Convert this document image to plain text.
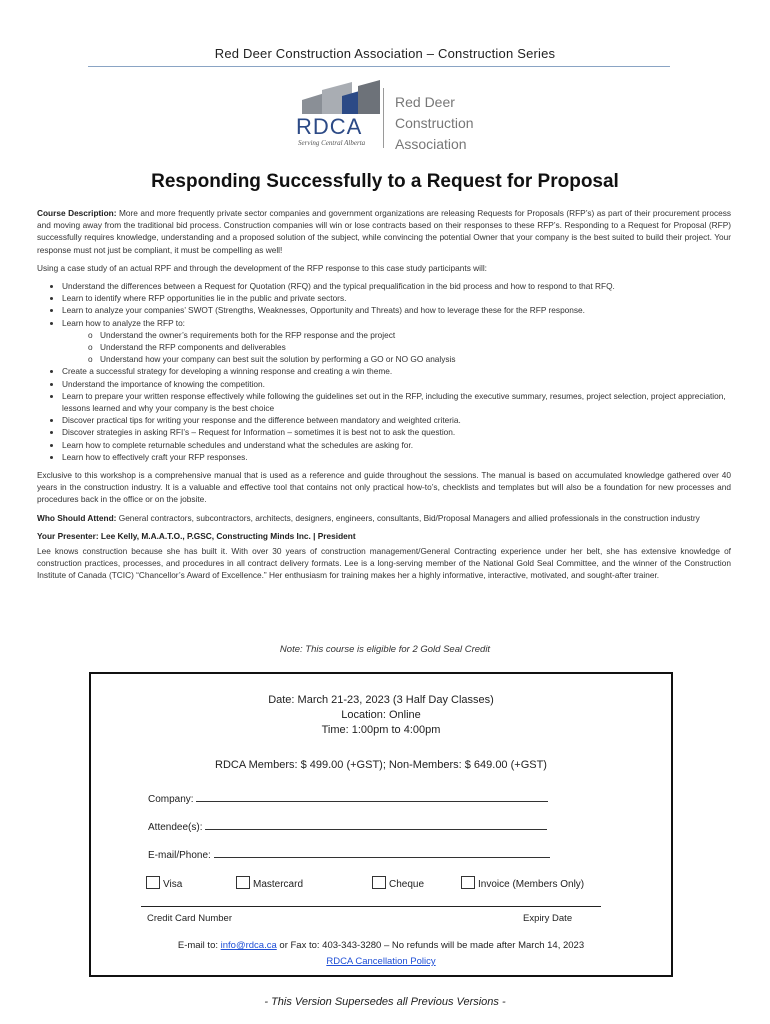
Red Deer Construction Association – Construction Series
RDCA
Serving Central Alberta
Red Deer
Construction
Association
Responding Successfully to a Request for Proposal

Course Description: More and more frequently private sector companies and government organizations are releasing Requests for Proposals (RFP’s) as part of their procurement process and moving away from the traditional bid process. Construction companies will win or lose contracts based on their responses to these RFP’s. Responding to a Request for Proposal (RFP) successfully requires knowledge, understanding and a proposed solution of the subject, while convincing the potential Owner that your company is the best suited to build their project. Your response must not just be compliant, it must be compelling as well!

Using a case study of an actual RPF and through the development of the RFP response to this case study participants will:

• Understand the differences between a Request for Quotation (RFQ) and the typical prequalification in the bid process and how to respond to that RFQ.
• Learn to identify where RFP opportunities lie in the public and private sectors.
• Learn to analyze your companies’ SWOT (Strengths, Weaknesses, Opportunity and Threats) and how to leverage these for the RFP response.
• Learn how to analyze the RFP to:
o Understand the owner’s requirements both for the RFP response and the project
o Understand the RFP components and deliverables
o Understand how your company can best suit the solution by performing a GO or NO GO analysis
• Create a successful strategy for developing a winning response and creating a win theme.
• Understand the importance of knowing the competition.
• Learn to prepare your written response effectively while following the guidelines set out in the RFP, including the executive summary, resumes, project selection, project appreciation, lessons learned and why your company is the best choice
• Discover practical tips for writing your response and the difference between mandatory and weighted criteria.
• Discover strategies in asking RFI’s – Request for Information – sometimes it is best not to ask the question.
• Learn how to complete returnable schedules and understand what the schedules are asking for.
• Learn how to effectively craft your RFP responses.

Exclusive to this workshop is a comprehensive manual that is used as a reference and guide throughout the sessions. The manual is based on accumulated knowledge gathered over 40 years in the construction industry. It is a valuable and effective tool that contains not only practical how-to’s, checklists and templates but will also be a foundation for new processes and procedures back in the office or on the jobsite.

Who Should Attend: General contractors, subcontractors, architects, designers, engineers, consultants, Bid/Proposal Managers and allied professionals in the construction industry

Your Presenter: Lee Kelly, M.A.A.T.O., P.GSC, Constructing Minds Inc. | President

Lee knows construction because she has built it. With over 30 years of construction management/General Contracting experience under her belt, she has extensive knowledge of construction practices, processes, and procedures in all contract delivery formats. Lee is a long-serving member of the National Gold Seal Committee, and the winner of the Construction Institute of Canada (TCIC) “Chancellor’s Award of Excellence.” Her enthusiasm for training makes her a highly informative, interactive, motivated, and sought-after trainer.

Note: This course is eligible for 2 Gold Seal Credit
Date: March 21-23, 2023 (3 Half Day Classes)
Location: Online
Time: 1:00pm to 4:00pm
RDCA Members: $ 499.00 (+GST); Non-Members: $ 649.00 (+GST)
Company:
Attendee(s):
E-mail/Phone:
Visa	Mastercard	Cheque	Invoice (Members Only)
Credit Card Number	Expiry Date
E-mail to: info@rdca.ca or Fax to: 403-343-3280 – No refunds will be made after March 14, 2023
RDCA Cancellation Policy
- This Version Supersedes all Previous Versions -
